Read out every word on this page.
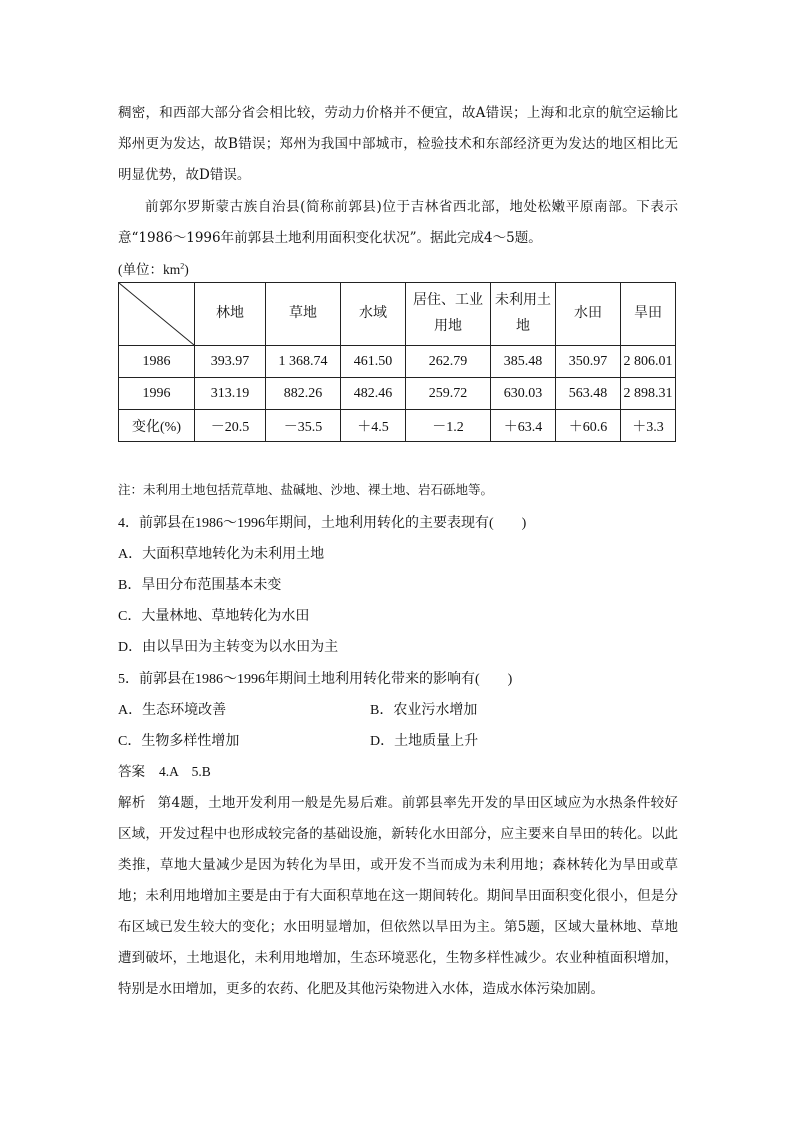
稠密，和西部大部分省会相比较，劳动力价格并不便宜，故A错误；上海和北京的航空运输比郑州更为发达，故B错误；郑州为我国中部城市，检验技术和东部经济更为发达的地区相比无明显优势，故D错误。
前郭尔罗斯蒙古族自治县(简称前郭县)位于吉林省西北部，地处松嫩平原南部。下表示意“1986～1996年前郭县土地利用面积变化状况”。据此完成4～5题。
(单位：$km^2$)
	林地	草地	水域	居住、工业用地	未利用土地	水田	旱田
1986	393.97	1 368.74	461.50	262.79	385.48	350.97	2 806.01
1996	313.19	882.26	482.46	259.72	630.03	563.48	2 898.31
变化(%)	－20.5	－35.5	＋4.5	－1.2	＋63.4	＋60.6	＋3.3
注：未利用土地包括荒草地、盐碱地、沙地、裸土地、岩石砾地等。
4．前郭县在1986～1996年期间，土地利用转化的主要表现有(　　)
A．大面积草地转化为未利用土地
B．旱田分布范围基本未变
C．大量林地、草地转化为水田
D．由以旱田为主转变为以水田为主
5．前郭县在1986～1996年期间土地利用转化带来的影响有(　　)
A．生态环境改善	B．农业污水增加
C．生物多样性增加	D．土地质量上升
答案 4.A　5.B
解析 第4题，土地开发利用一般是先易后难。前郭县率先开发的旱田区域应为水热条件较好区域，开发过程中也形成较完备的基础设施，新转化水田部分，应主要来自旱田的转化。以此类推，草地大量减少是因为转化为旱田，或开发不当而成为未利用地；森林转化为旱田或草地；未利用地增加主要是由于有大面积草地在这一期间转化。期间旱田面积变化很小，但是分布区域已发生较大的变化；水田明显增加，但依然以旱田为主。第5题，区域大量林地、草地遭到破坏，土地退化，未利用地增加，生态环境恶化，生物多样性减少。农业种植面积增加，特别是水田增加，更多的农药、化肥及其他污染物进入水体，造成水体污染加剧。
